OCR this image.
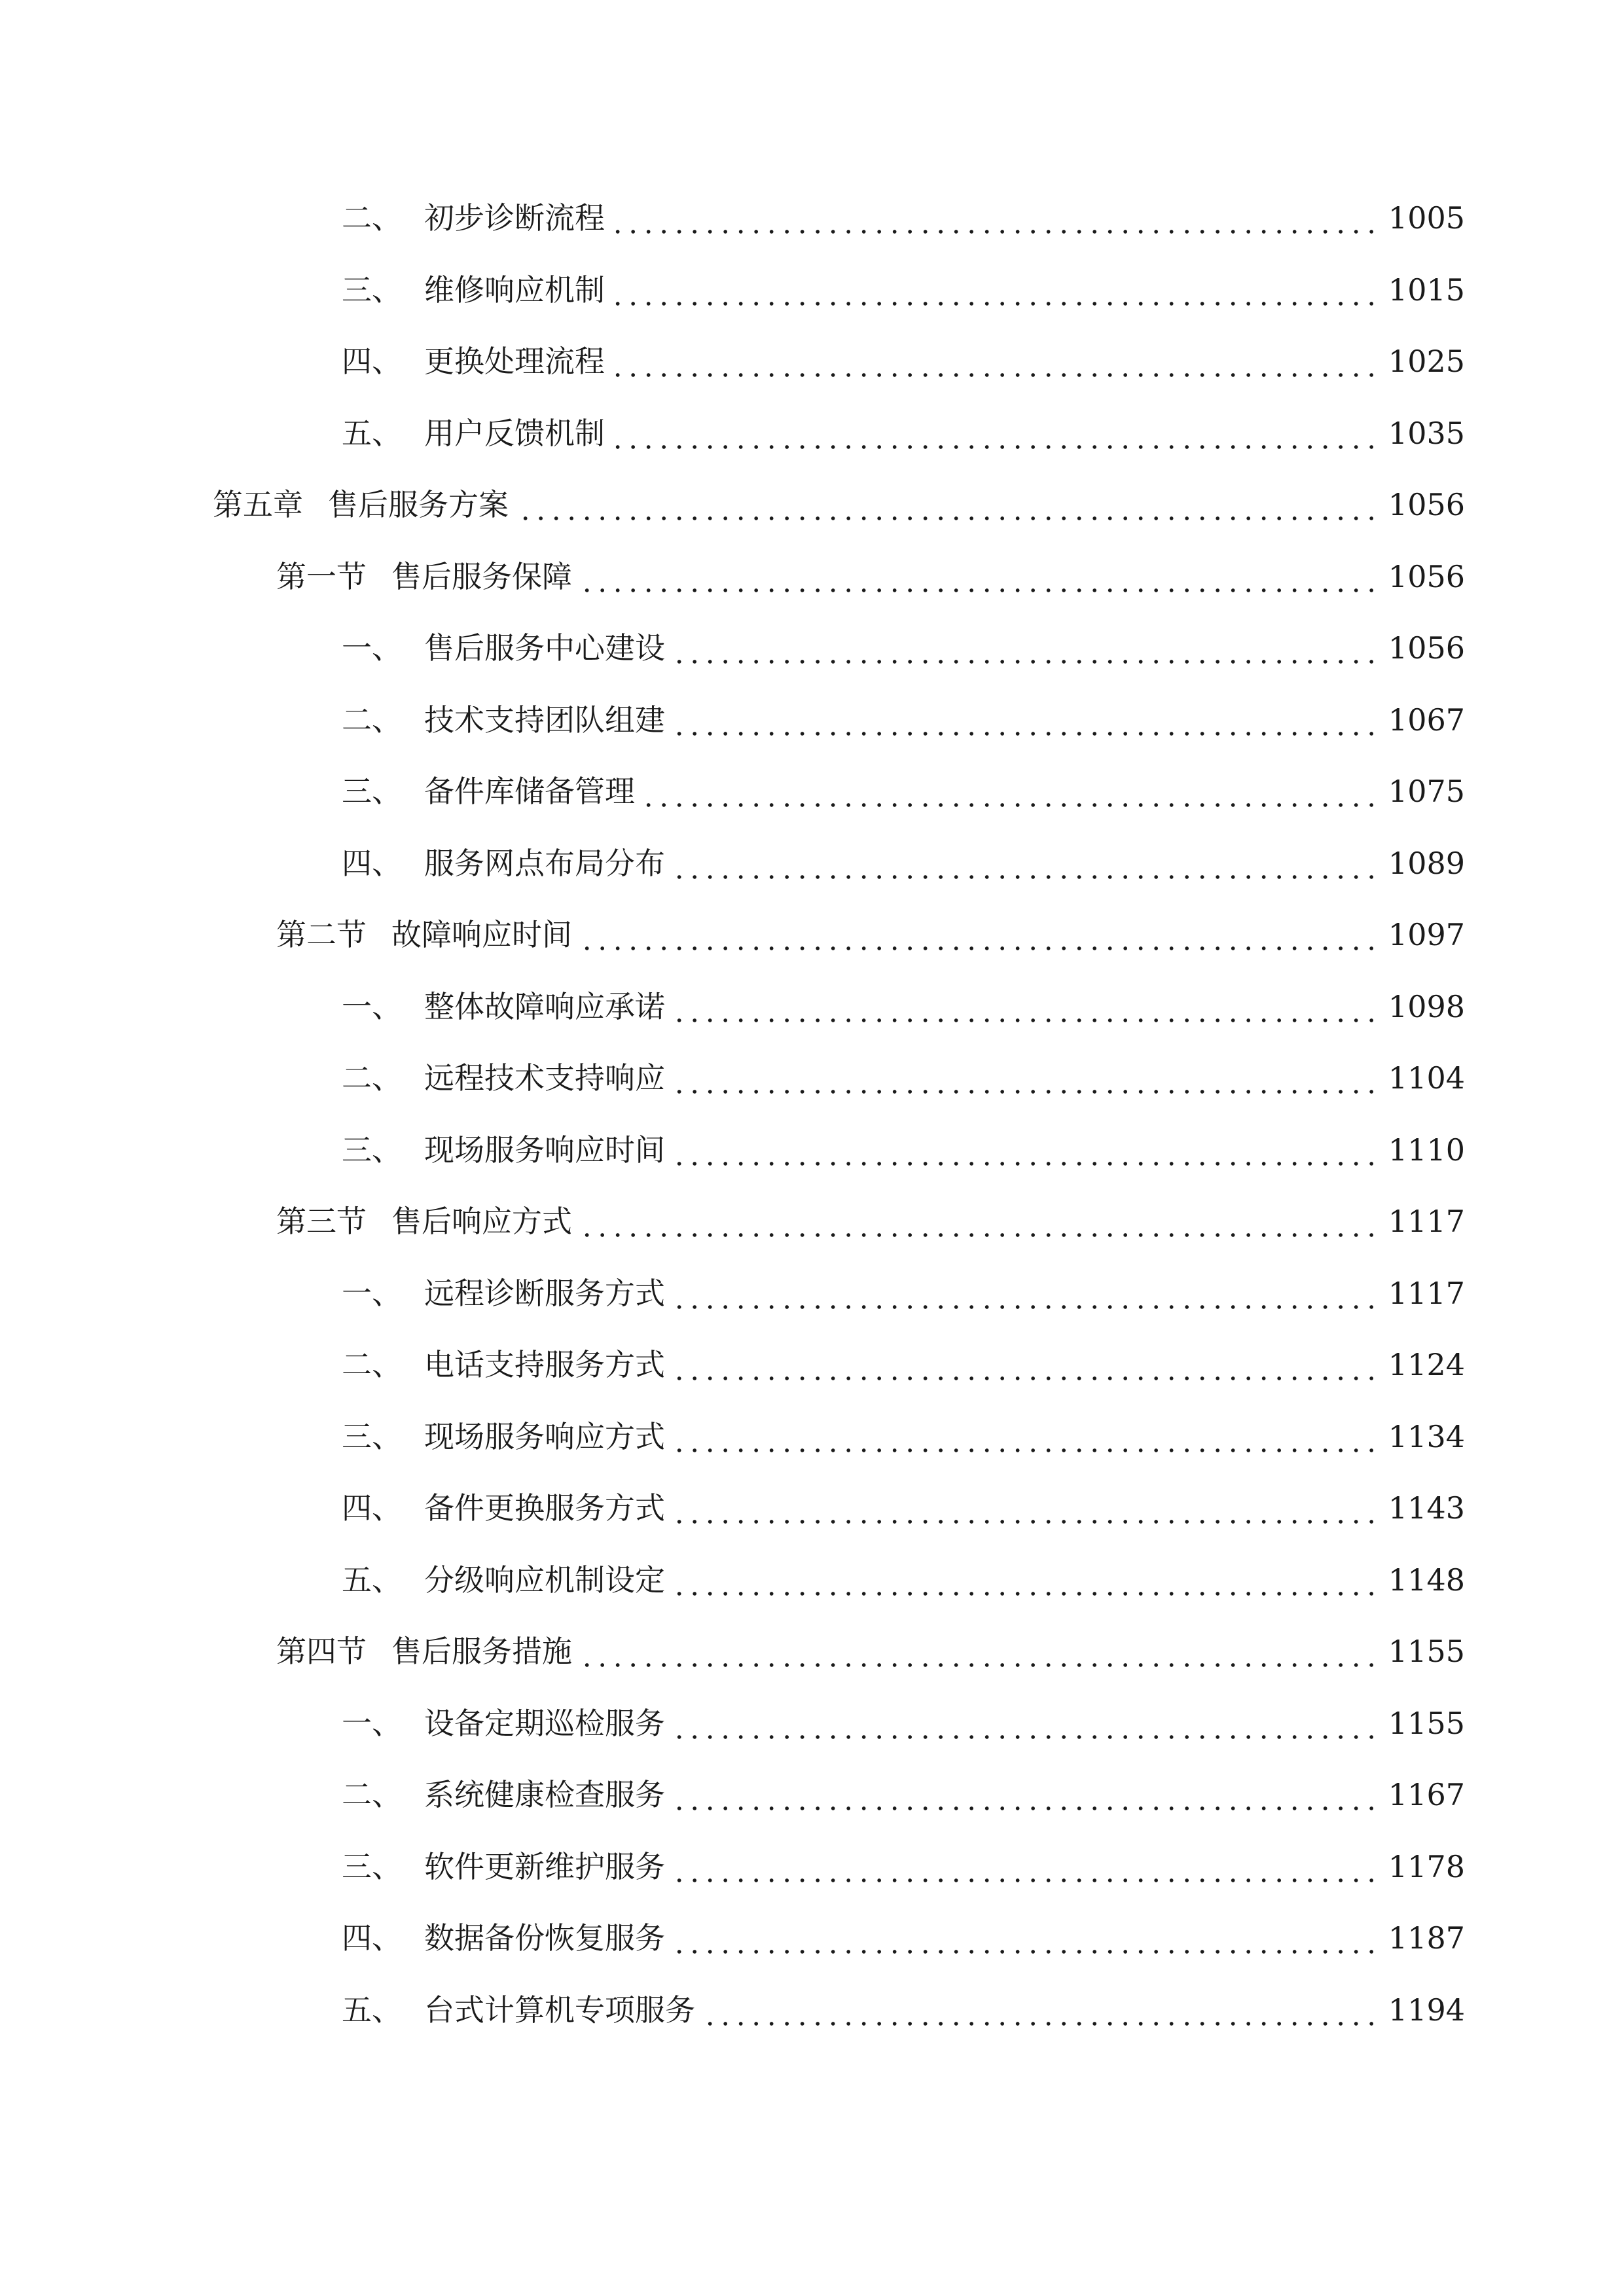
二、 初步诊断流程	1005
三、 维修响应机制	1015
四、 更换处理流程	1025
五、 用户反馈机制	1035
第五章 售后服务方案	1056
第一节 售后服务保障	1056
一、 售后服务中心建设	1056
二、 技术支持团队组建	1067
三、 备件库储备管理	1075
四、 服务网点布局分布	1089
第二节 故障响应时间	1097
一、 整体故障响应承诺	1098
二、 远程技术支持响应	1104
三、 现场服务响应时间	1110
第三节 售后响应方式	1117
一、 远程诊断服务方式	1117
二、 电话支持服务方式	1124
三、 现场服务响应方式	1134
四、 备件更换服务方式	1143
五、 分级响应机制设定	1148
第四节 售后服务措施	1155
一、 设备定期巡检服务	1155
二、 系统健康检查服务	1167
三、 软件更新维护服务	1178
四、 数据备份恢复服务	1187
五、 台式计算机专项服务	1194
